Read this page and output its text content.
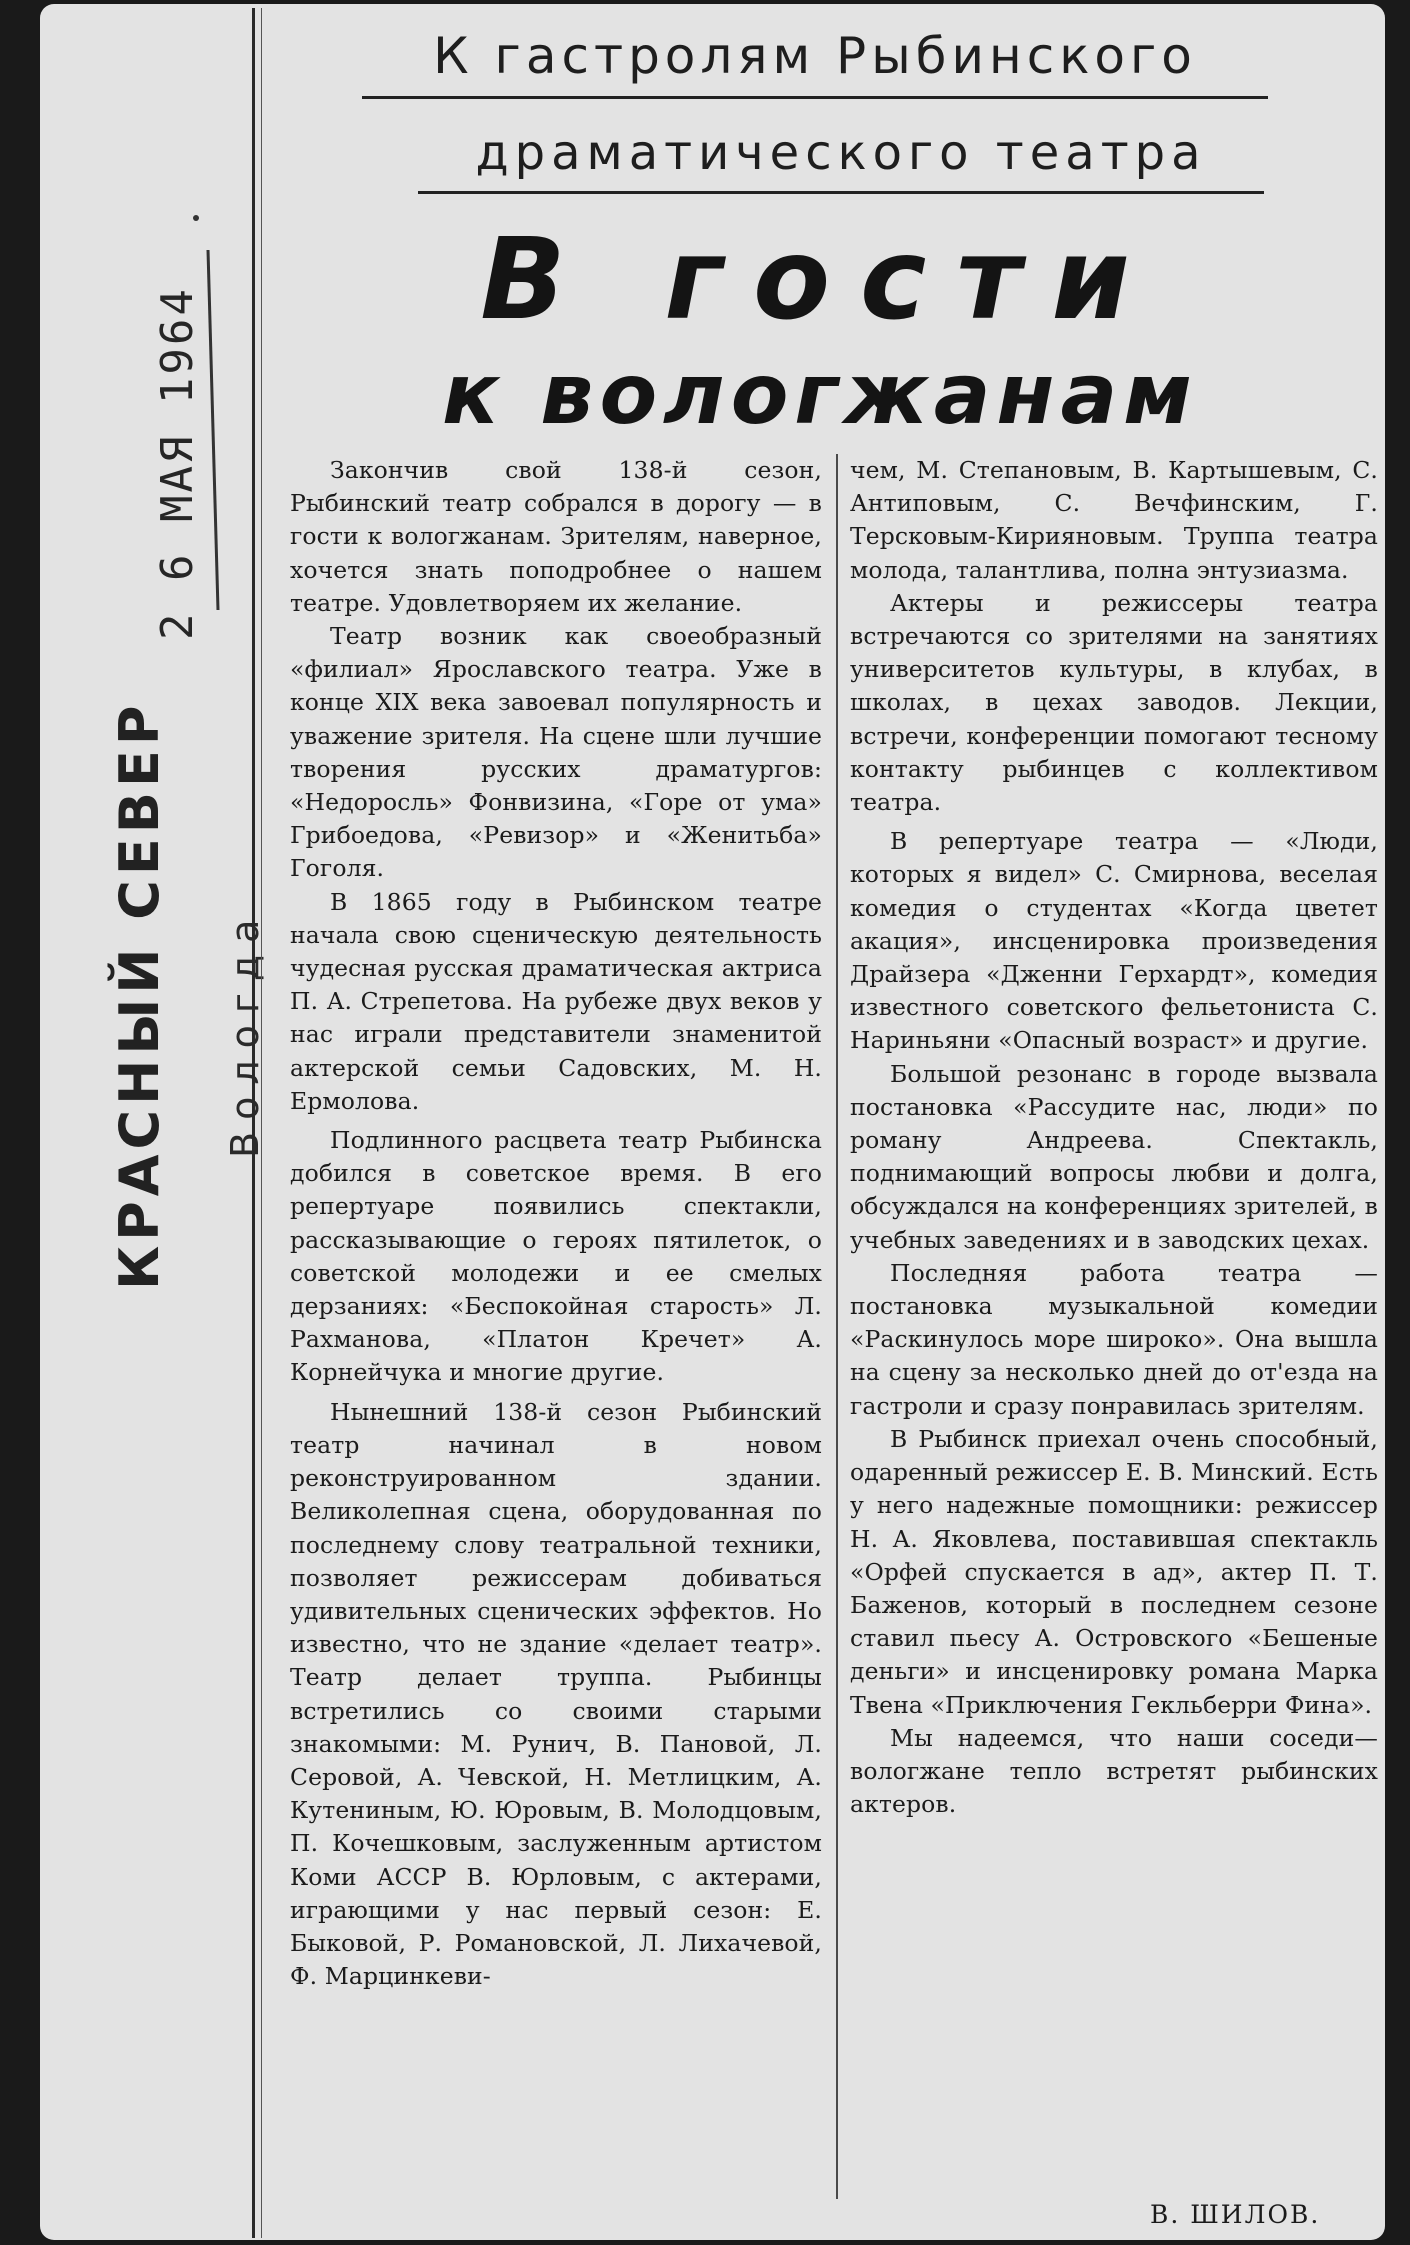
КРАСНЫЙ СЕВЕР Вологда
2 6 МАЯ 1964
К гастролям Рыбинского
драматического театра
В гости
к вологжанам

Закончив свой 138-й сезон, Рыбинский театр собрался в дорогу — в гости к вологжанам. Зрителям, наверное, хочется знать поподробнее о нашем театре. Удовлетворяем их желание.

Театр возник как своеобразный «филиал» Ярославского театра. Уже в конце XIX века завоевал популярность и уважение зрителя. На сцене шли лучшие творения русских драматургов: «Недоросль» Фонвизина, «Горе от ума» Грибоедова, «Ревизор» и «Женитьба» Гоголя.

В 1865 году в Рыбинском театре начала свою сценическую деятельность чудесная русская драматическая актриса П. А. Стрепетова. На рубеже двух веков у нас играли представители знаменитой актерской семьи Садовских, М. Н. Ермолова.

Подлинного расцвета театр Рыбинска добился в советское время. В его репертуаре появились спектакли, рассказывающие о героях пятилеток, о советской молодежи и ее смелых дерзаниях: «Беспокойная старость» Л. Рахманова, «Платон Кречет» А. Корнейчука и многие другие.

Нынешний 138-й сезон Рыбинский театр начинал в новом реконструированном здании. Великолепная сцена, оборудованная по последнему слову театральной техники, позволяет режиссерам добиваться удивительных сценических эффектов. Но известно, что не здание «делает театр». Театр делает труппа. Рыбинцы встретились со своими старыми знакомыми: М. Рунич, В. Пановой, Л. Серовой, А. Чевской, Н. Метлицким, А. Кутениным, Ю. Юровым, В. Молодцовым, П. Кочешковым, заслуженным артистом Коми АССР В. Юрловым, с актерами, играющими у нас первый сезон: Е. Быковой, Р. Романовской, Л. Лихачевой, Ф. Марцинкеви-

чем, М. Степановым, В. Картышевым, С. Антиповым, С. Вечфинским, Г. Терсковым-Кирияновым. Труппа театра молода, талантлива, полна энтузиазма.

Актеры и режиссеры театра встречаются со зрителями на занятиях университетов культуры, в клубах, в школах, в цехах заводов. Лекции, встречи, конференции помогают тесному контакту рыбинцев с коллективом театра.

В репертуаре театра — «Люди, которых я видел» С. Смирнова, веселая комедия о студентах «Когда цветет акация», инсценировка произведения Драйзера «Дженни Герхардт», комедия известного советского фельетониста С. Нариньяни «Опасный возраст» и другие.

Большой резонанс в городе вызвала постановка «Рассудите нас, люди» по роману Андреева. Спектакль, поднимающий вопросы любви и долга, обсуждался на конференциях зрителей, в учебных заведениях и в заводских цехах.

Последняя работа театра — постановка музыкальной комедии «Раскинулось море широко». Она вышла на сцену за несколько дней до от'езда на гастроли и сразу понравилась зрителям.

В Рыбинск приехал очень способный, одаренный режиссер Е. В. Минский. Есть у него надежные помощники: режиссер Н. А. Яковлева, поставившая спектакль «Орфей спускается в ад», актер П. Т. Баженов, который в последнем сезоне ставил пьесу А. Островского «Бешеные деньги» и инсценировку романа Марка Твена «Приключения Гекльберри Фина».

Мы надеемся, что наши соседи—вологжане тепло встретят рыбинских актеров.

В. ШИЛОВ.
